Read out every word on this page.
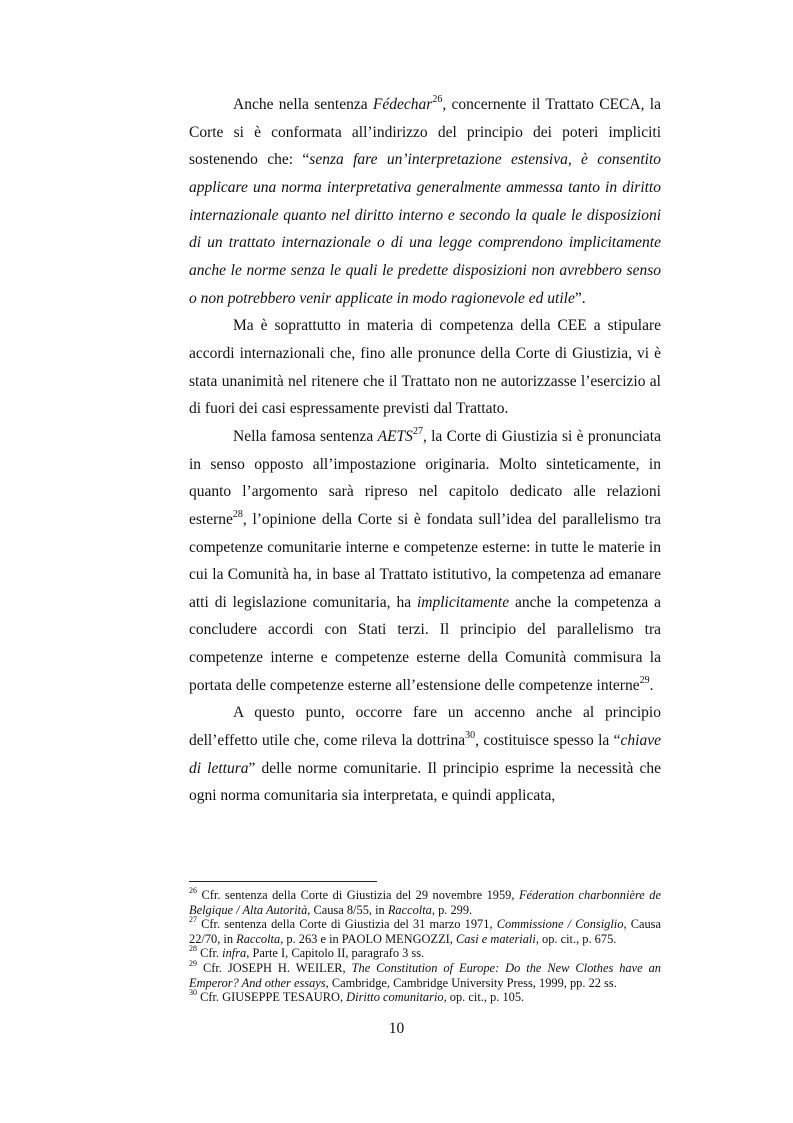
Anche nella sentenza Fédechar$^{26}$, concernente il Trattato CECA, la Corte si è conformata all’indirizzo del principio dei poteri impliciti sostenendo che: “senza fare un’interpretazione estensiva, è consentito applicare una norma interpretativa generalmente ammessa tanto in diritto internazionale quanto nel diritto interno e secondo la quale le disposizioni di un trattato internazionale o di una legge comprendono implicitamente anche le norme senza le quali le predette disposizioni non avrebbero senso o non potrebbero venir applicate in modo ragionevole ed utile”.

Ma è soprattutto in materia di competenza della CEE a stipulare accordi internazionali che, fino alle pronunce della Corte di Giustizia, vi è stata unanimità nel ritenere che il Trattato non ne autorizzasse l’esercizio al di fuori dei casi espressamente previsti dal Trattato.

Nella famosa sentenza AETS$^{27}$, la Corte di Giustizia si è pronunciata in senso opposto all’impostazione originaria. Molto sinteticamente, in quanto l’argomento sarà ripreso nel capitolo dedicato alle relazioni esterne$^{28}$, l’opinione della Corte si è fondata sull’idea del parallelismo tra competenze comunitarie interne e competenze esterne: in tutte le materie in cui la Comunità ha, in base al Trattato istitutivo, la competenza ad emanare atti di legislazione comunitaria, ha implicitamente anche la competenza a concludere accordi con Stati terzi. Il principio del parallelismo tra competenze interne e competenze esterne della Comunità commisura la portata delle competenze esterne all’estensione delle competenze interne$^{29}$.

A questo punto, occorre fare un accenno anche al principio dell’effetto utile che, come rileva la dottrina$^{30}$, costituisce spesso la “chiave di lettura” delle norme comunitarie. Il principio esprime la necessità che ogni norma comunitaria sia interpretata, e quindi applicata,

$^{26}$ Cfr. sentenza della Corte di Giustizia del 29 novembre 1959, Féderation charbonnière de Belgique / Alta Autorità, Causa 8/55, in Raccolta, p. 299.

$^{27}$ Cfr. sentenza della Corte di Giustizia del 31 marzo 1971, Commissione / Consiglio, Causa 22/70, in Raccolta, p. 263 e in PAOLO MENGOZZI, Casi e materiali, op. cit., p. 675.

$^{28}$ Cfr. infra, Parte I, Capitolo II, paragrafo 3 ss.

$^{29}$ Cfr. JOSEPH H. WEILER, The Constitution of Europe: Do the New Clothes have an Emperor? And other essays, Cambridge, Cambridge University Press, 1999, pp. 22 ss.

$^{30}$ Cfr. GIUSEPPE TESAURO, Diritto comunitario, op. cit., p. 105.

10
